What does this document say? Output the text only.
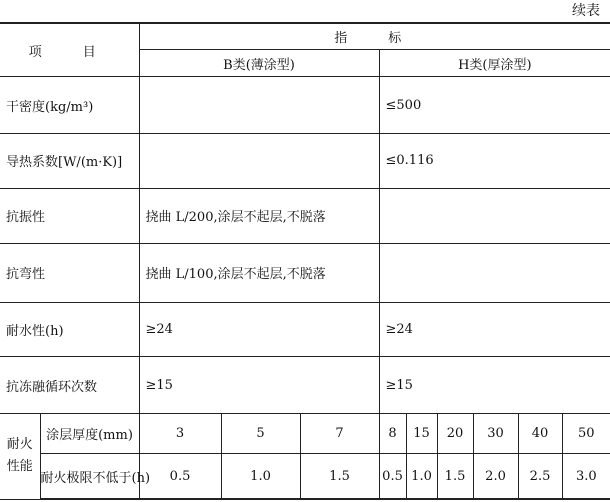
续表
项　目		指　标								
		B类(薄涂型)			H类(厚涂型)					
干密度(kg/m³)					≤500					
导热系数[W/(m·K)]					≤0.116					
抗振性		挠曲 L/200,涂层不起层,不脱落								
抗弯性		挠曲 L/100,涂层不起层,不脱落								
耐水性(h)		≥24			≥24					
抗冻融循环次数		≥15			≥15					
耐火
性能	涂层厚度(mm)	3	5	7	8	15	20	30	40	50
	耐火极限不低于(h)	0.5	1.0	1.5	0.5	1.0	1.5	2.0	2.5	3.0
